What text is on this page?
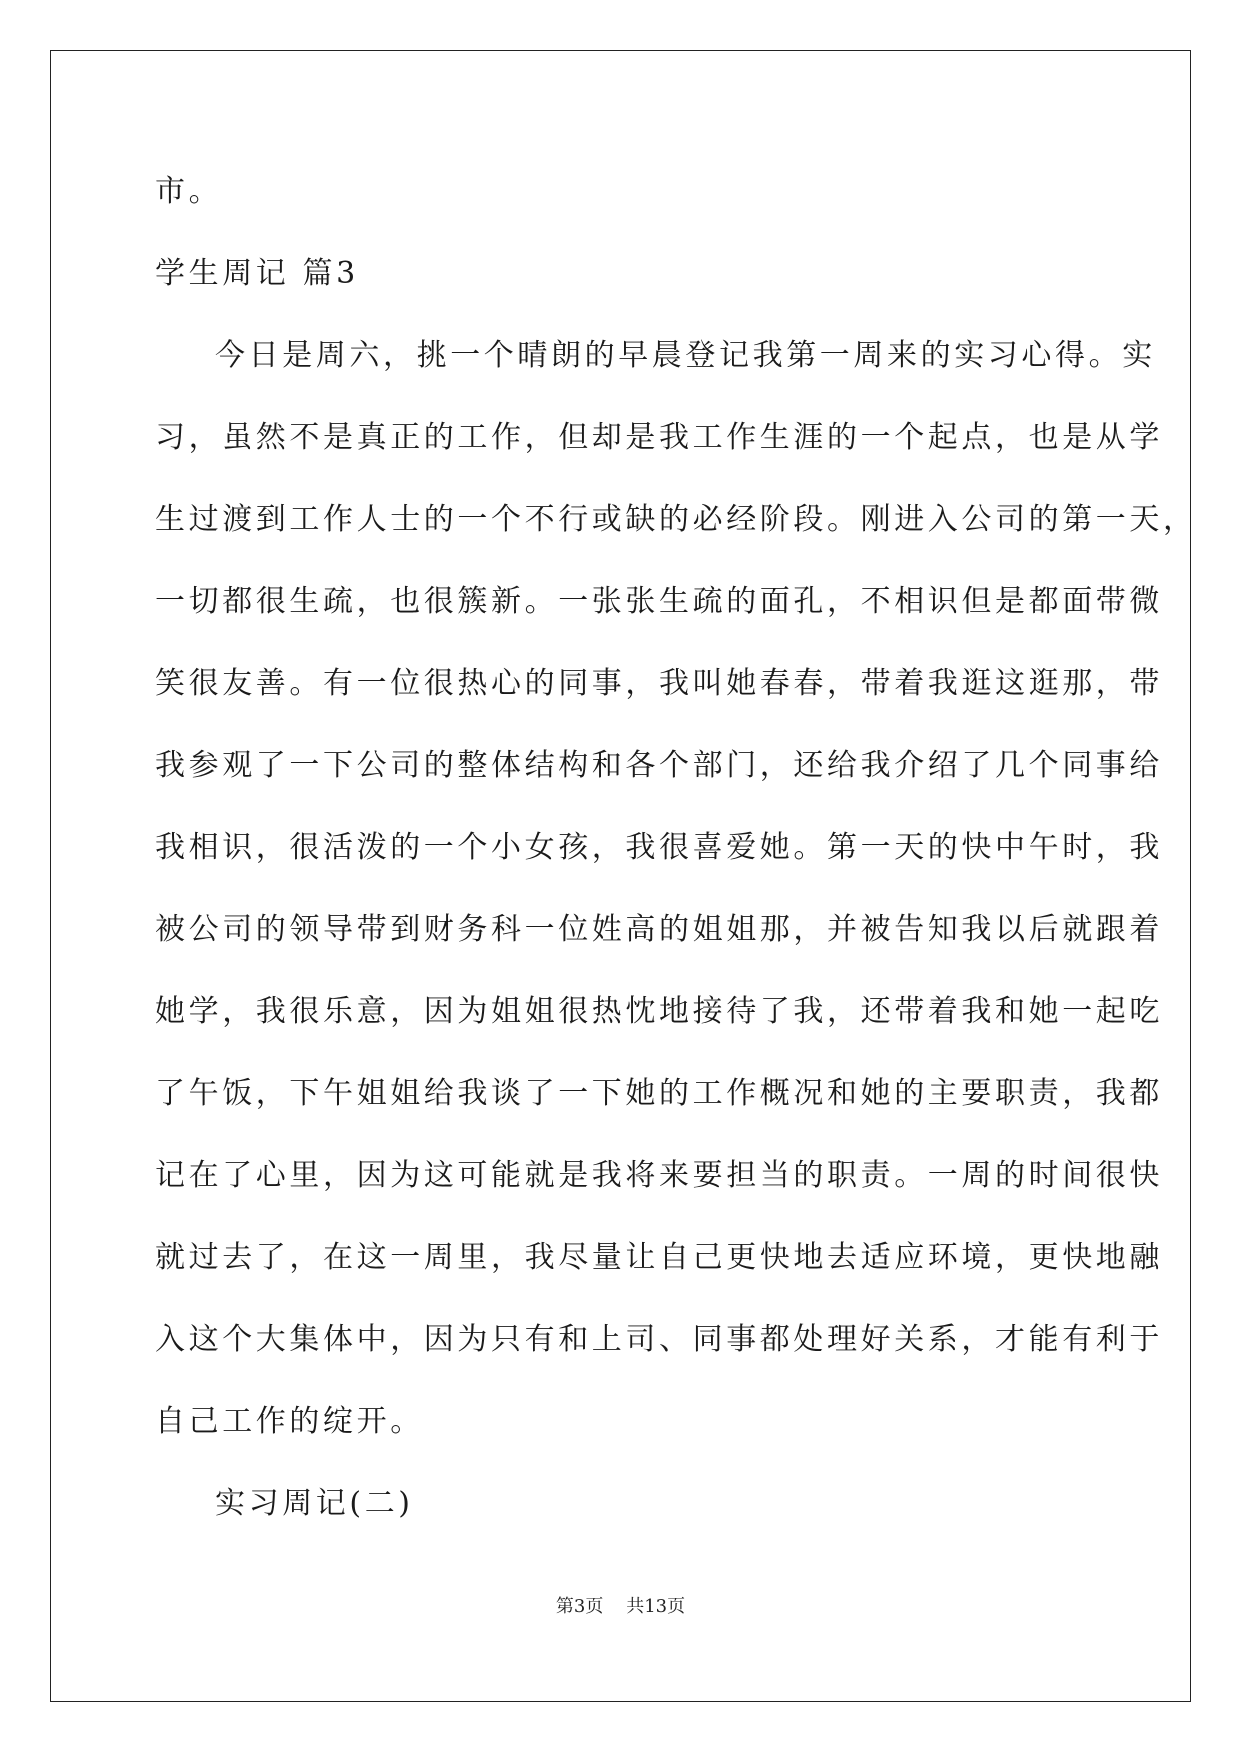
市。
学生周记 篇3
今日是周六，挑一个晴朗的早晨登记我第一周来的实习心得。实
习，虽然不是真正的工作，但却是我工作生涯的一个起点，也是从学
生过渡到工作人士的一个不行或缺的必经阶段。刚进入公司的第一天，
一切都很生疏，也很簇新。一张张生疏的面孔，不相识但是都面带微
笑很友善。有一位很热心的同事，我叫她春春，带着我逛这逛那，带
我参观了一下公司的整体结构和各个部门，还给我介绍了几个同事给
我相识，很活泼的一个小女孩，我很喜爱她。第一天的快中午时，我
被公司的领导带到财务科一位姓高的姐姐那，并被告知我以后就跟着
她学，我很乐意，因为姐姐很热忱地接待了我，还带着我和她一起吃
了午饭，下午姐姐给我谈了一下她的工作概况和她的主要职责，我都
记在了心里，因为这可能就是我将来要担当的职责。一周的时间很快
就过去了，在这一周里，我尽量让自己更快地去适应环境，更快地融
入这个大集体中，因为只有和上司、同事都处理好关系，才能有利于
自己工作的绽开。
实习周记(二)
第3页    共13页
